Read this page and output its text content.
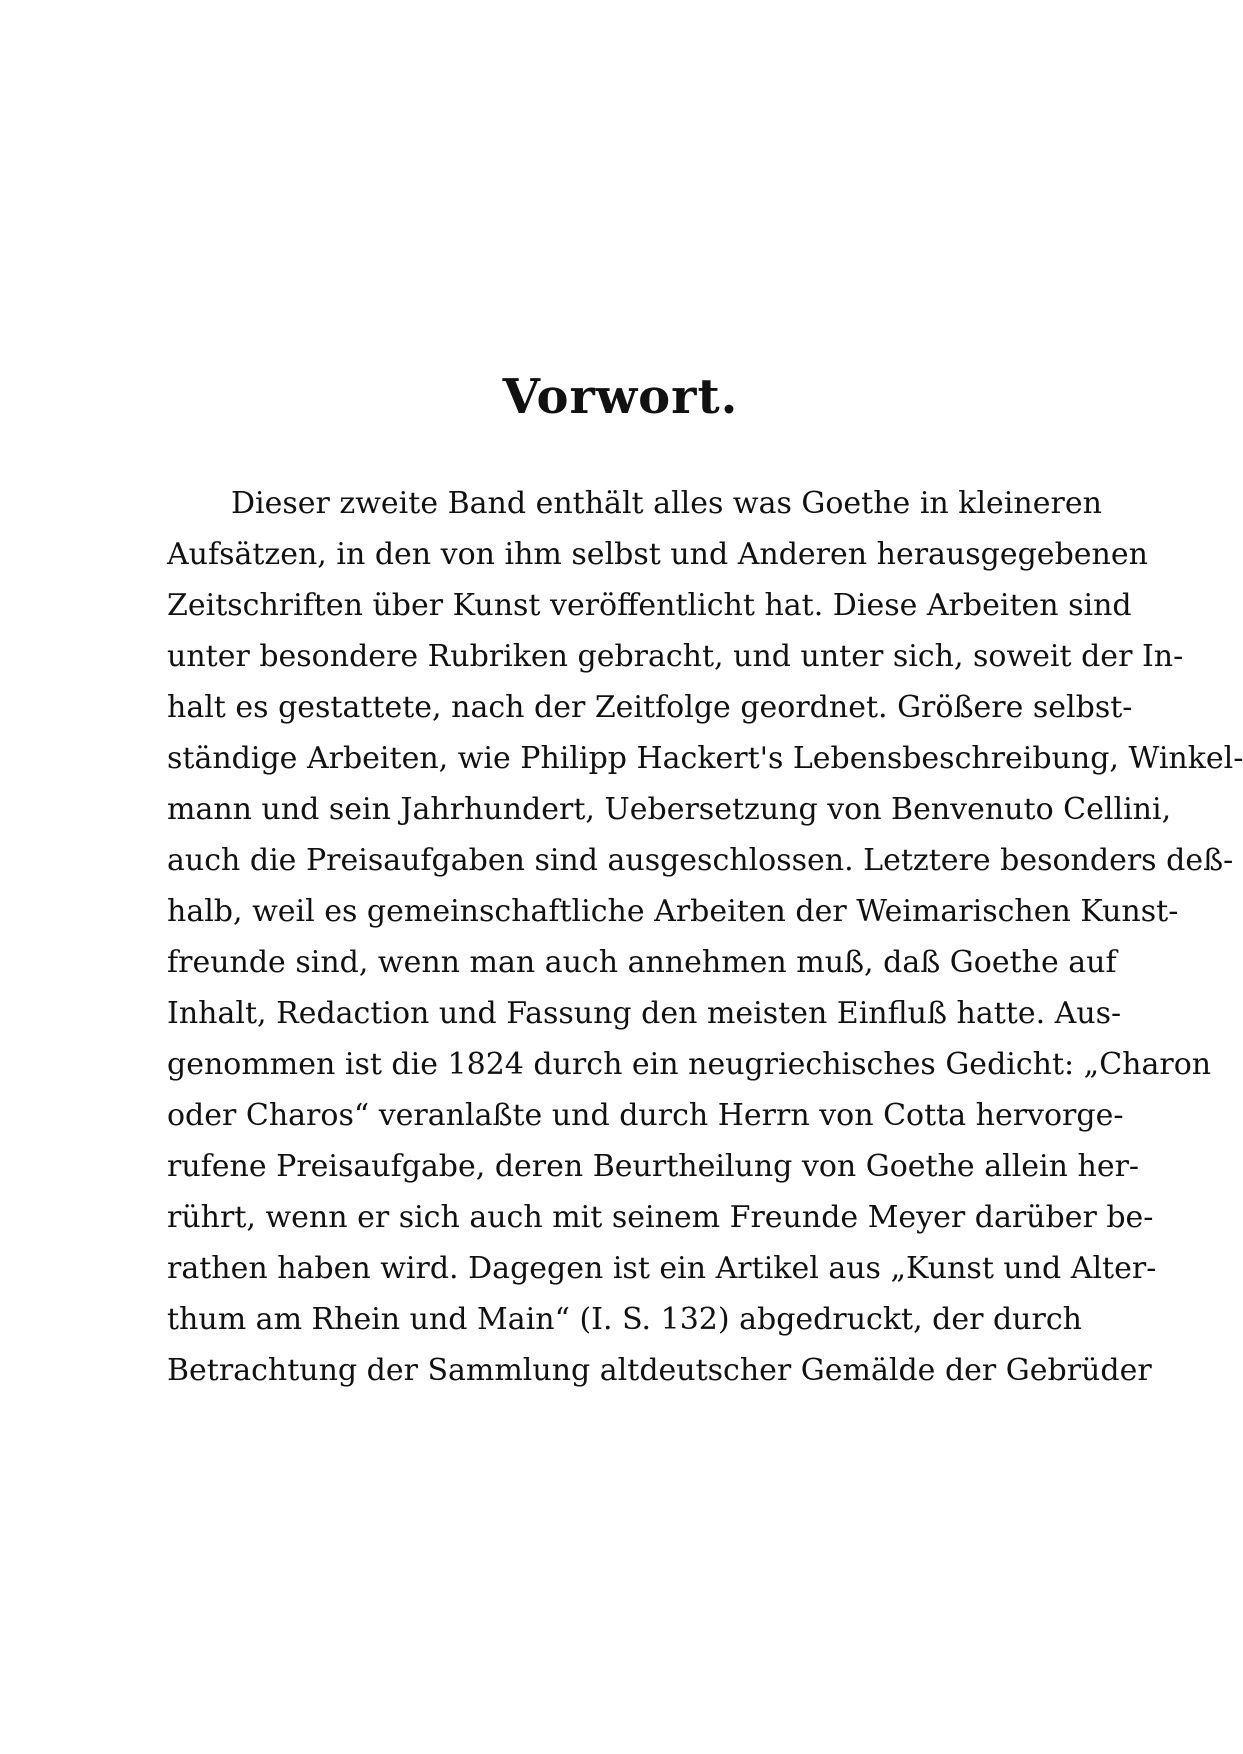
Vorwort.
Dieser zweite Band enthält alles was Goethe in kleineren
Aufsätzen, in den von ihm selbst und Anderen herausgegebenen
Zeitschriften über Kunst veröffentlicht hat. Diese Arbeiten sind
unter besondere Rubriken gebracht, und unter sich, soweit der In-
halt es gestattete, nach der Zeitfolge geordnet. Größere selbst-
ständige Arbeiten, wie Philipp Hackert's Lebensbeschreibung, Winkel-
mann und sein Jahrhundert, Uebersetzung von Benvenuto Cellini,
auch die Preisaufgaben sind ausgeschlossen. Letztere besonders deß-
halb, weil es gemeinschaftliche Arbeiten der Weimarischen Kunst-
freunde sind, wenn man auch annehmen muß, daß Goethe auf
Inhalt, Redaction und Fassung den meisten Einfluß hatte. Aus-
genommen ist die 1824 durch ein neugriechisches Gedicht: „Charon
oder Charos“ veranlaßte und durch Herrn von Cotta hervorge-
rufene Preisaufgabe, deren Beurtheilung von Goethe allein her-
rührt, wenn er sich auch mit seinem Freunde Meyer darüber be-
rathen haben wird. Dagegen ist ein Artikel aus „Kunst und Alter-
thum am Rhein und Main“ (I. S. 132) abgedruckt, der durch
Betrachtung der Sammlung altdeutscher Gemälde der Gebrüder
